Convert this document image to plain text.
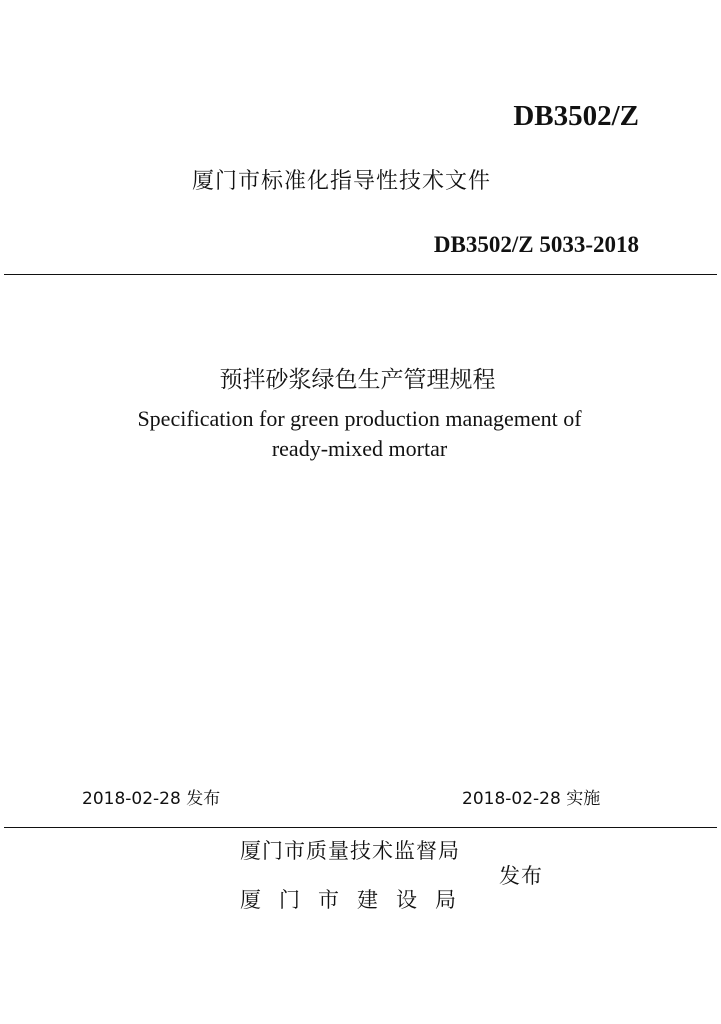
DB3502/Z
厦门市标准化指导性技术文件
DB3502/Z 5033-2018
预拌砂浆绿色生产管理规程
Specification for green production management of
ready-mixed mortar
2018-02-28 发布	2018-02-28 实施
厦门市质量技术监督局
厦门市建设局
发布
